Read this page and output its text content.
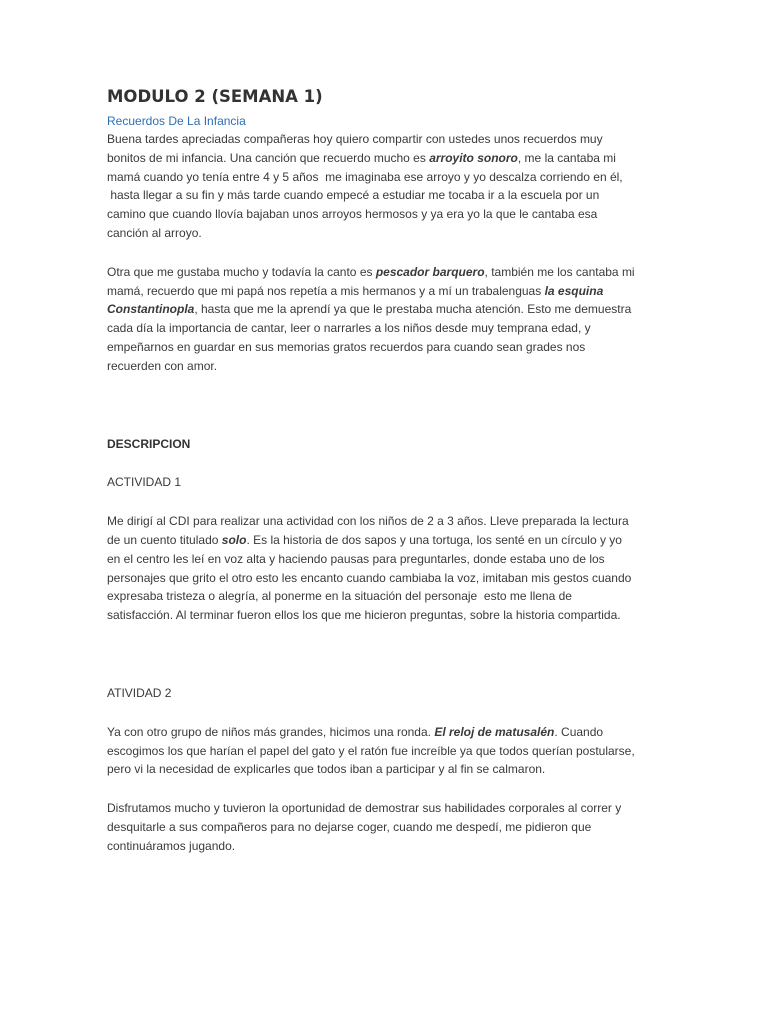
MODULO 2 (SEMANA 1)
Recuerdos De La Infancia

Buena tardes apreciadas compañeras hoy quiero compartir con ustedes unos recuerdos muy
bonitos de mi infancia. Una canción que recuerdo mucho es arroyito sonoro, me la cantaba mi
mamá cuando yo tenía entre 4 y 5 años  me imaginaba ese arroyo y yo descalza corriendo en él,
hasta llegar a su fin y más tarde cuando empecé a estudiar me tocaba ir a la escuela por un
camino que cuando llovía bajaban unos arroyos hermosos y ya era yo la que le cantaba esa
canción al arroyo.

Otra que me gustaba mucho y todavía la canto es pescador barquero, también me los cantaba mi
mamá, recuerdo que mi papá nos repetía a mis hermanos y a mí un trabalenguas la esquina
Constantinopla, hasta que me la aprendí ya que le prestaba mucha atención. Esto me demuestra
cada día la importancia de cantar, leer o narrarles a los niños desde muy temprana edad, y
empeñarnos en guardar en sus memorias gratos recuerdos para cuando sean grades nos
recuerden con amor.

DESCRIPCION

ACTIVIDAD 1

Me dirigí al CDI para realizar una actividad con los niños de 2 a 3 años. Lleve preparada la lectura
de un cuento titulado solo. Es la historia de dos sapos y una tortuga, los senté en un círculo y yo
en el centro les leí en voz alta y haciendo pausas para preguntarles, donde estaba uno de los
personajes que grito el otro esto les encanto cuando cambiaba la voz, imitaban mis gestos cuando
expresaba tristeza o alegría, al ponerme en la situación del personaje  esto me llena de
satisfacción. Al terminar fueron ellos los que me hicieron preguntas, sobre la historia compartida.

ATIVIDAD 2

Ya con otro grupo de niños más grandes, hicimos una ronda. El reloj de matusalén. Cuando
escogimos los que harían el papel del gato y el ratón fue increíble ya que todos querían postularse,
pero vi la necesidad de explicarles que todos iban a participar y al fin se calmaron.

Disfrutamos mucho y tuvieron la oportunidad de demostrar sus habilidades corporales al correr y
desquitarle a sus compañeros para no dejarse coger, cuando me despedí, me pidieron que
continuáramos jugando.
